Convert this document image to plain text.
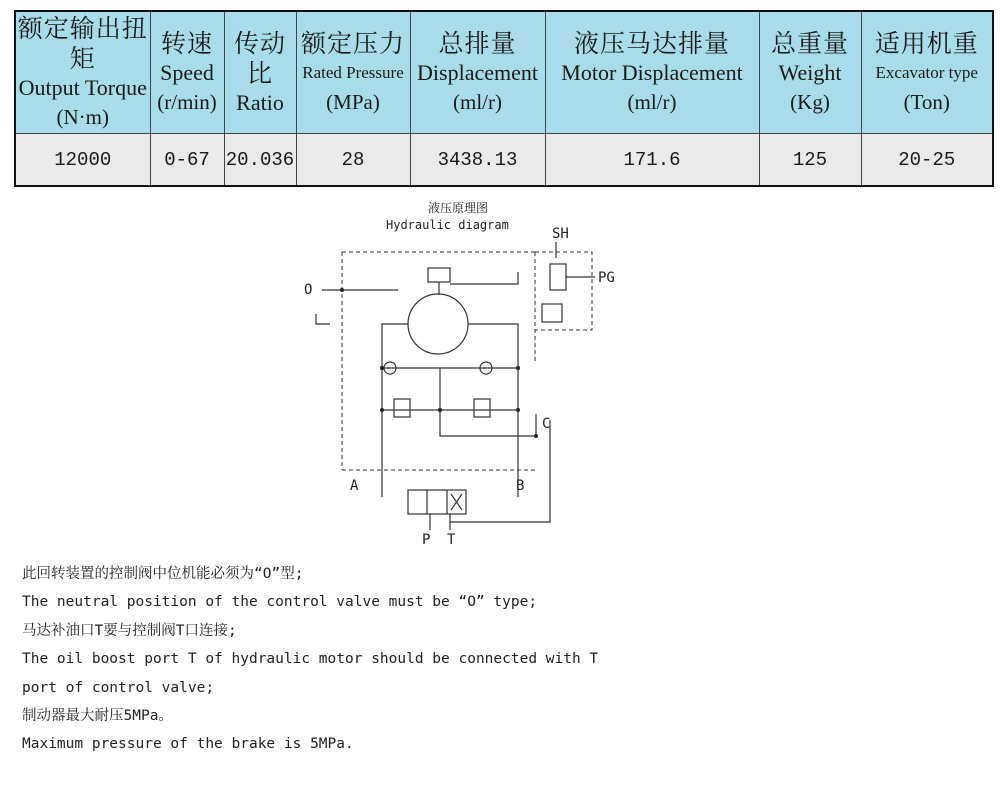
额定输出扭矩
Output Torque
(N·m)	转速
Speed
(r/min)	传动比
Ratio	额定压力
Rated Pressure
(MPa)	总排量
Displacement
(ml/r)	液压马达排量
Motor Displacement
(ml/r)	总重量
Weight
(Kg)	适用机重
Excavator type
(Ton)

12000	0-67	20.036	28	3438.13	171.6	125	20-25
液压原理图
Hydraulic diagram
O
SH
PG
C
A	B
P T
此回转装置的控制阀中位机能必须为“O”型;
The neutral position of the control valve must be “O” type;
马达补油口T要与控制阀T口连接;
The oil boost port T of hydraulic motor should be connected with T
port of control valve;
制动器最大耐压5MPa。
Maximum pressure of the brake is 5MPa.
